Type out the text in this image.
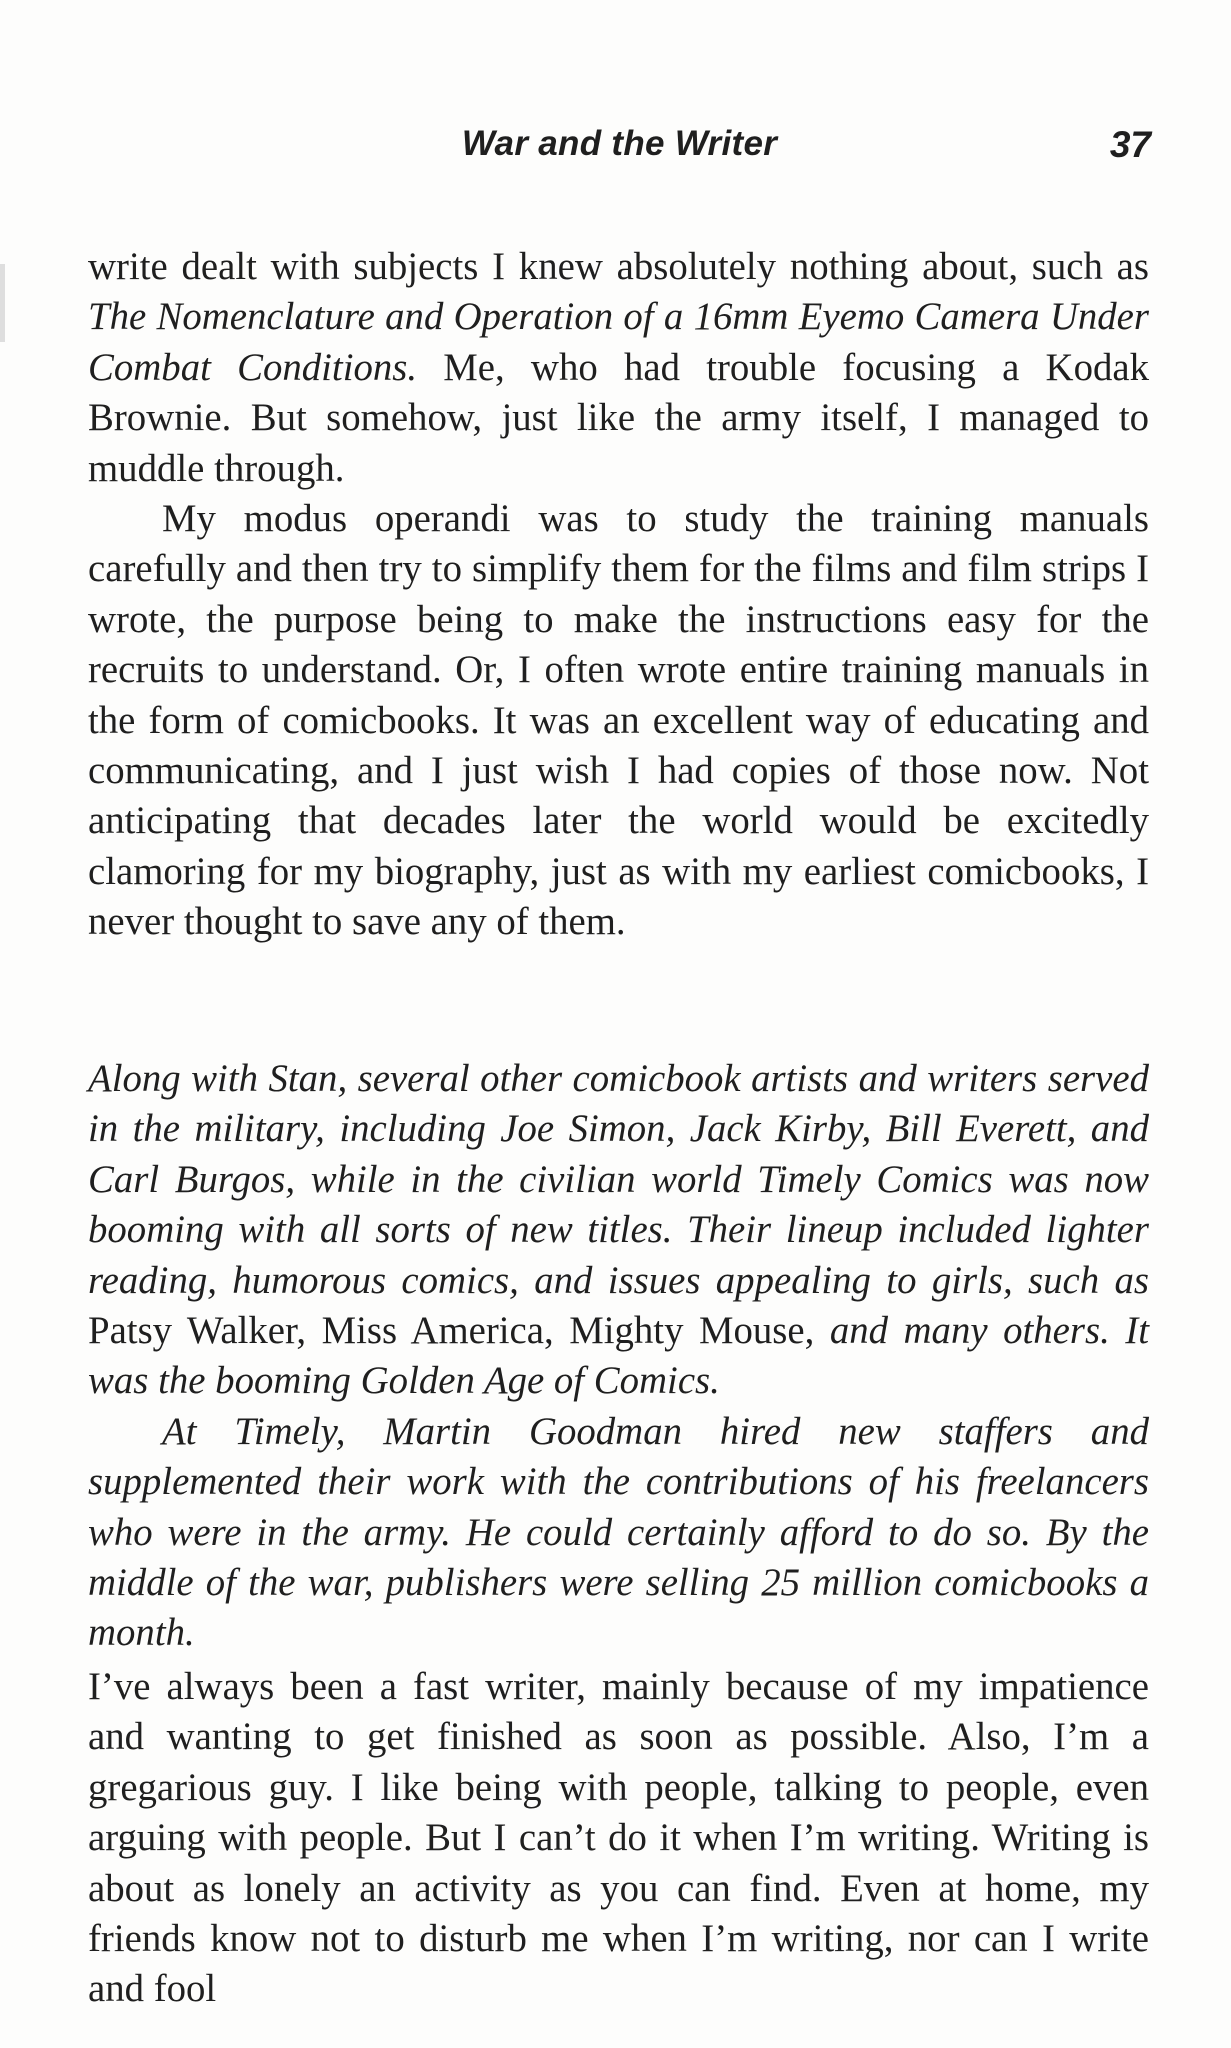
War and the Writer	37

write dealt with subjects I knew absolutely nothing about, such as The Nomenclature and Operation of a 16mm Eyemo Camera Under Combat Conditions. Me, who had trouble focusing a Kodak Brownie. But somehow, just like the army itself, I managed to muddle through.

My modus operandi was to study the training manuals carefully and then try to simplify them for the films and film strips I wrote, the purpose being to make the instructions easy for the recruits to understand. Or, I often wrote entire training manuals in the form of comicbooks. It was an excellent way of educating and communicating, and I just wish I had copies of those now. Not anticipating that decades later the world would be excitedly clamoring for my biography, just as with my earliest comicbooks, I never thought to save any of them.

Along with Stan, several other comicbook artists and writers served in the military, including Joe Simon, Jack Kirby, Bill Everett, and Carl Burgos, while in the civilian world Timely Comics was now booming with all sorts of new titles. Their lineup included lighter reading, humorous comics, and issues appealing to girls, such as Patsy Walker, Miss America, Mighty Mouse, and many others. It was the booming Golden Age of Comics.

At Timely, Martin Goodman hired new staffers and supplemented their work with the contributions of his freelancers who were in the army. He could certainly afford to do so. By the middle of the war, publishers were selling 25 million comicbooks a month.

I’ve always been a fast writer, mainly because of my impatience and wanting to get finished as soon as possible. Also, I’m a gregarious guy. I like being with people, talking to people, even arguing with people. But I can’t do it when I’m writing. Writing is about as lonely an activity as you can find. Even at home, my friends know not to disturb me when I’m writing, nor can I write and fool
